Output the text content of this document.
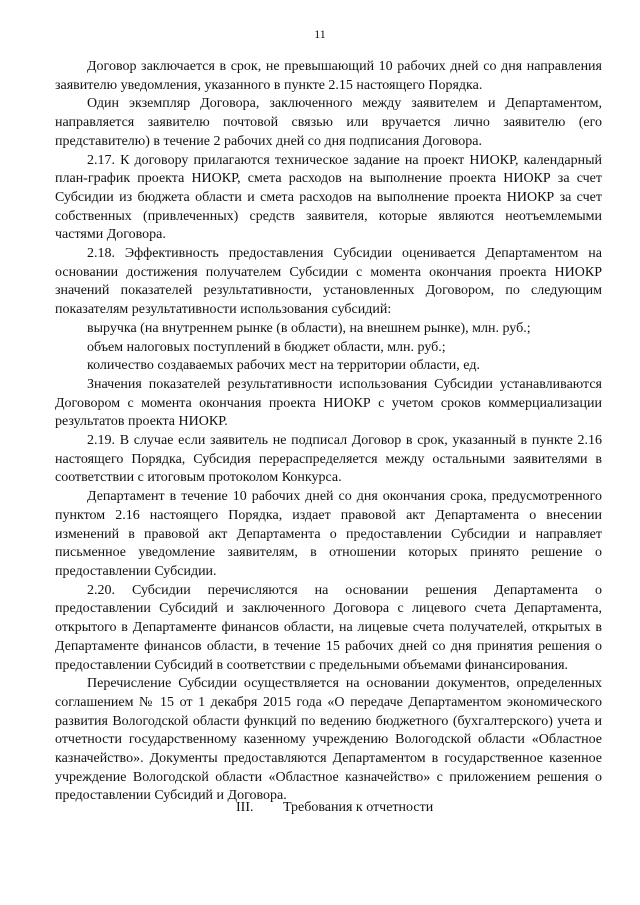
11

Договор заключается в срок, не превышающий 10 рабочих дней со дня направления заявителю уведомления, указанного в пункте 2.15 настоящего Порядка.

Один экземпляр Договора, заключенного между заявителем и Департаментом, направляется заявителю почтовой связью или вручается лично заявителю (его представителю) в течение 2 рабочих дней со дня подписания Договора.

2.17. К договору прилагаются техническое задание на проект НИОКР, календарный план-график проекта НИОКР, смета расходов на выполнение проекта НИОКР за счет Субсидии из бюджета области и смета расходов на выполнение проекта НИОКР за счет собственных (привлеченных) средств заявителя, которые являются неотъемлемыми частями Договора.

2.18. Эффективность предоставления Субсидии оценивается Департаментом на основании достижения получателем Субсидии с момента окончания проекта НИОКР значений показателей результативности, установленных Договором, по следующим показателям результативности использования субсидий:

выручка (на внутреннем рынке (в области), на внешнем рынке), млн. руб.;

объем налоговых поступлений в бюджет области, млн. руб.;

количество создаваемых рабочих мест на территории области, ед.

Значения показателей результативности использования Субсидии устанавливаются Договором с момента окончания проекта НИОКР с учетом сроков коммерциализации результатов проекта НИОКР.

2.19. В случае если заявитель не подписал Договор в срок, указанный в пункте 2.16 настоящего Порядка, Субсидия перераспределяется между остальными заявителями в соответствии с итоговым протоколом Конкурса.

Департамент в течение 10 рабочих дней со дня окончания срока, предусмотренного пунктом 2.16 настоящего Порядка, издает правовой акт Департамента о внесении изменений в правовой акт Департамента о предоставлении Субсидии и направляет письменное уведомление заявителям, в отношении которых принято решение о предоставлении Субсидии.

2.20. Субсидии перечисляются на основании решения Департамента о предоставлении Субсидий и заключенного Договора с лицевого счета Департамента, открытого в Департаменте финансов области, на лицевые счета получателей, открытых в Департаменте финансов области, в течение 15 рабочих дней со дня принятия решения о предоставлении Субсидий в соответствии с предельными объемами финансирования.

Перечисление Субсидии осуществляется на основании документов, определенных соглашением № 15 от 1 декабря 2015 года «О передаче Департаментом экономического развития Вологодской области функций по ведению бюджетного (бухгалтерского) учета и отчетности государственному казенному учреждению Вологодской области «Областное казначейство». Документы предоставляются Департаментом в государственное казенное учреждение Вологодской области «Областное казначейство» с приложением решения о предоставлении Субсидий и Договора.

III. Требования к отчетности
